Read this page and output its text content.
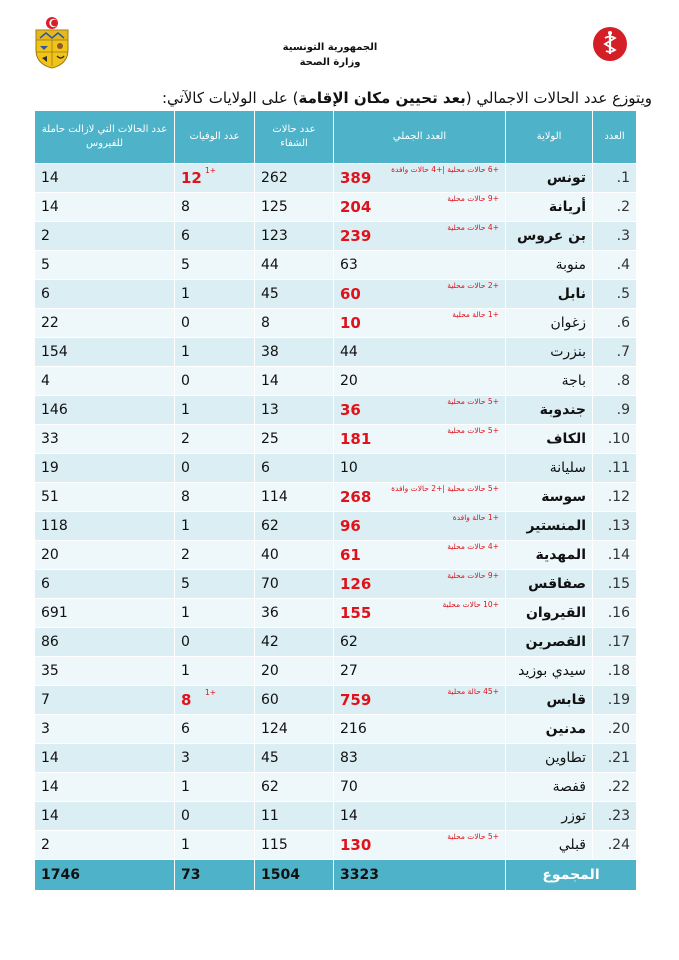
الجمهورية التونسية
وزارة الصحة
ويتوزع عدد الحالات الاجمالي (بعد تحيين مكان الإقامة) على الولايات كالآتي:
العدد	الولاية	العدد الجملي	عدد حالات الشفاء	عدد الوفيات	عدد الحالات التي لازالت حاملة للفيروس
1.	تونس	389 +6 حالات محلية |+4 حالات وافدة	262	12 +1	14
2.	أريانة	204 +9 حالات محلية	125	8	14
3.	بن عروس	239 +4 حالات محلية	123	6	2
4.	منوبة	63	44	5	5
5.	نابل	60 +2 حالات محلية	45	1	6
6.	زغوان	10 +1 حالة محلية	8	0	22
7.	بنزرت	44	38	1	154
8.	باجة	20	14	0	4
9.	جندوبة	36 +5 حالات محلية	13	1	146
10.	الكاف	181 +5 حالات محلية	25	2	33
11.	سليانة	10	6	0	19
12.	سوسة	268 +5 حالات محلية |+2 حالات وافدة	114	8	51
13.	المنستير	96 +1 حالة وافدة	62	1	118
14.	المهدية	61 +4 حالات محلية	40	2	20
15.	صفاقس	126 +9 حالات محلية	70	5	6
16.	القيروان	155 +10 حالات محلية	36	1	691
17.	القصرين	62	42	0	86
18.	سيدي بوزيد	27	20	1	35
19.	قابس	759 +45 حالة محلية	60	8 +1	7
20.	مدنين	216	124	6	3
21.	تطاوين	83	45	3	14
22.	قفصة	70	62	1	14
23.	توزر	14	11	0	14
24.	قبلي	130 +5 حالات محلية	115	1	2
المجموع		3323	1504	73	1746
